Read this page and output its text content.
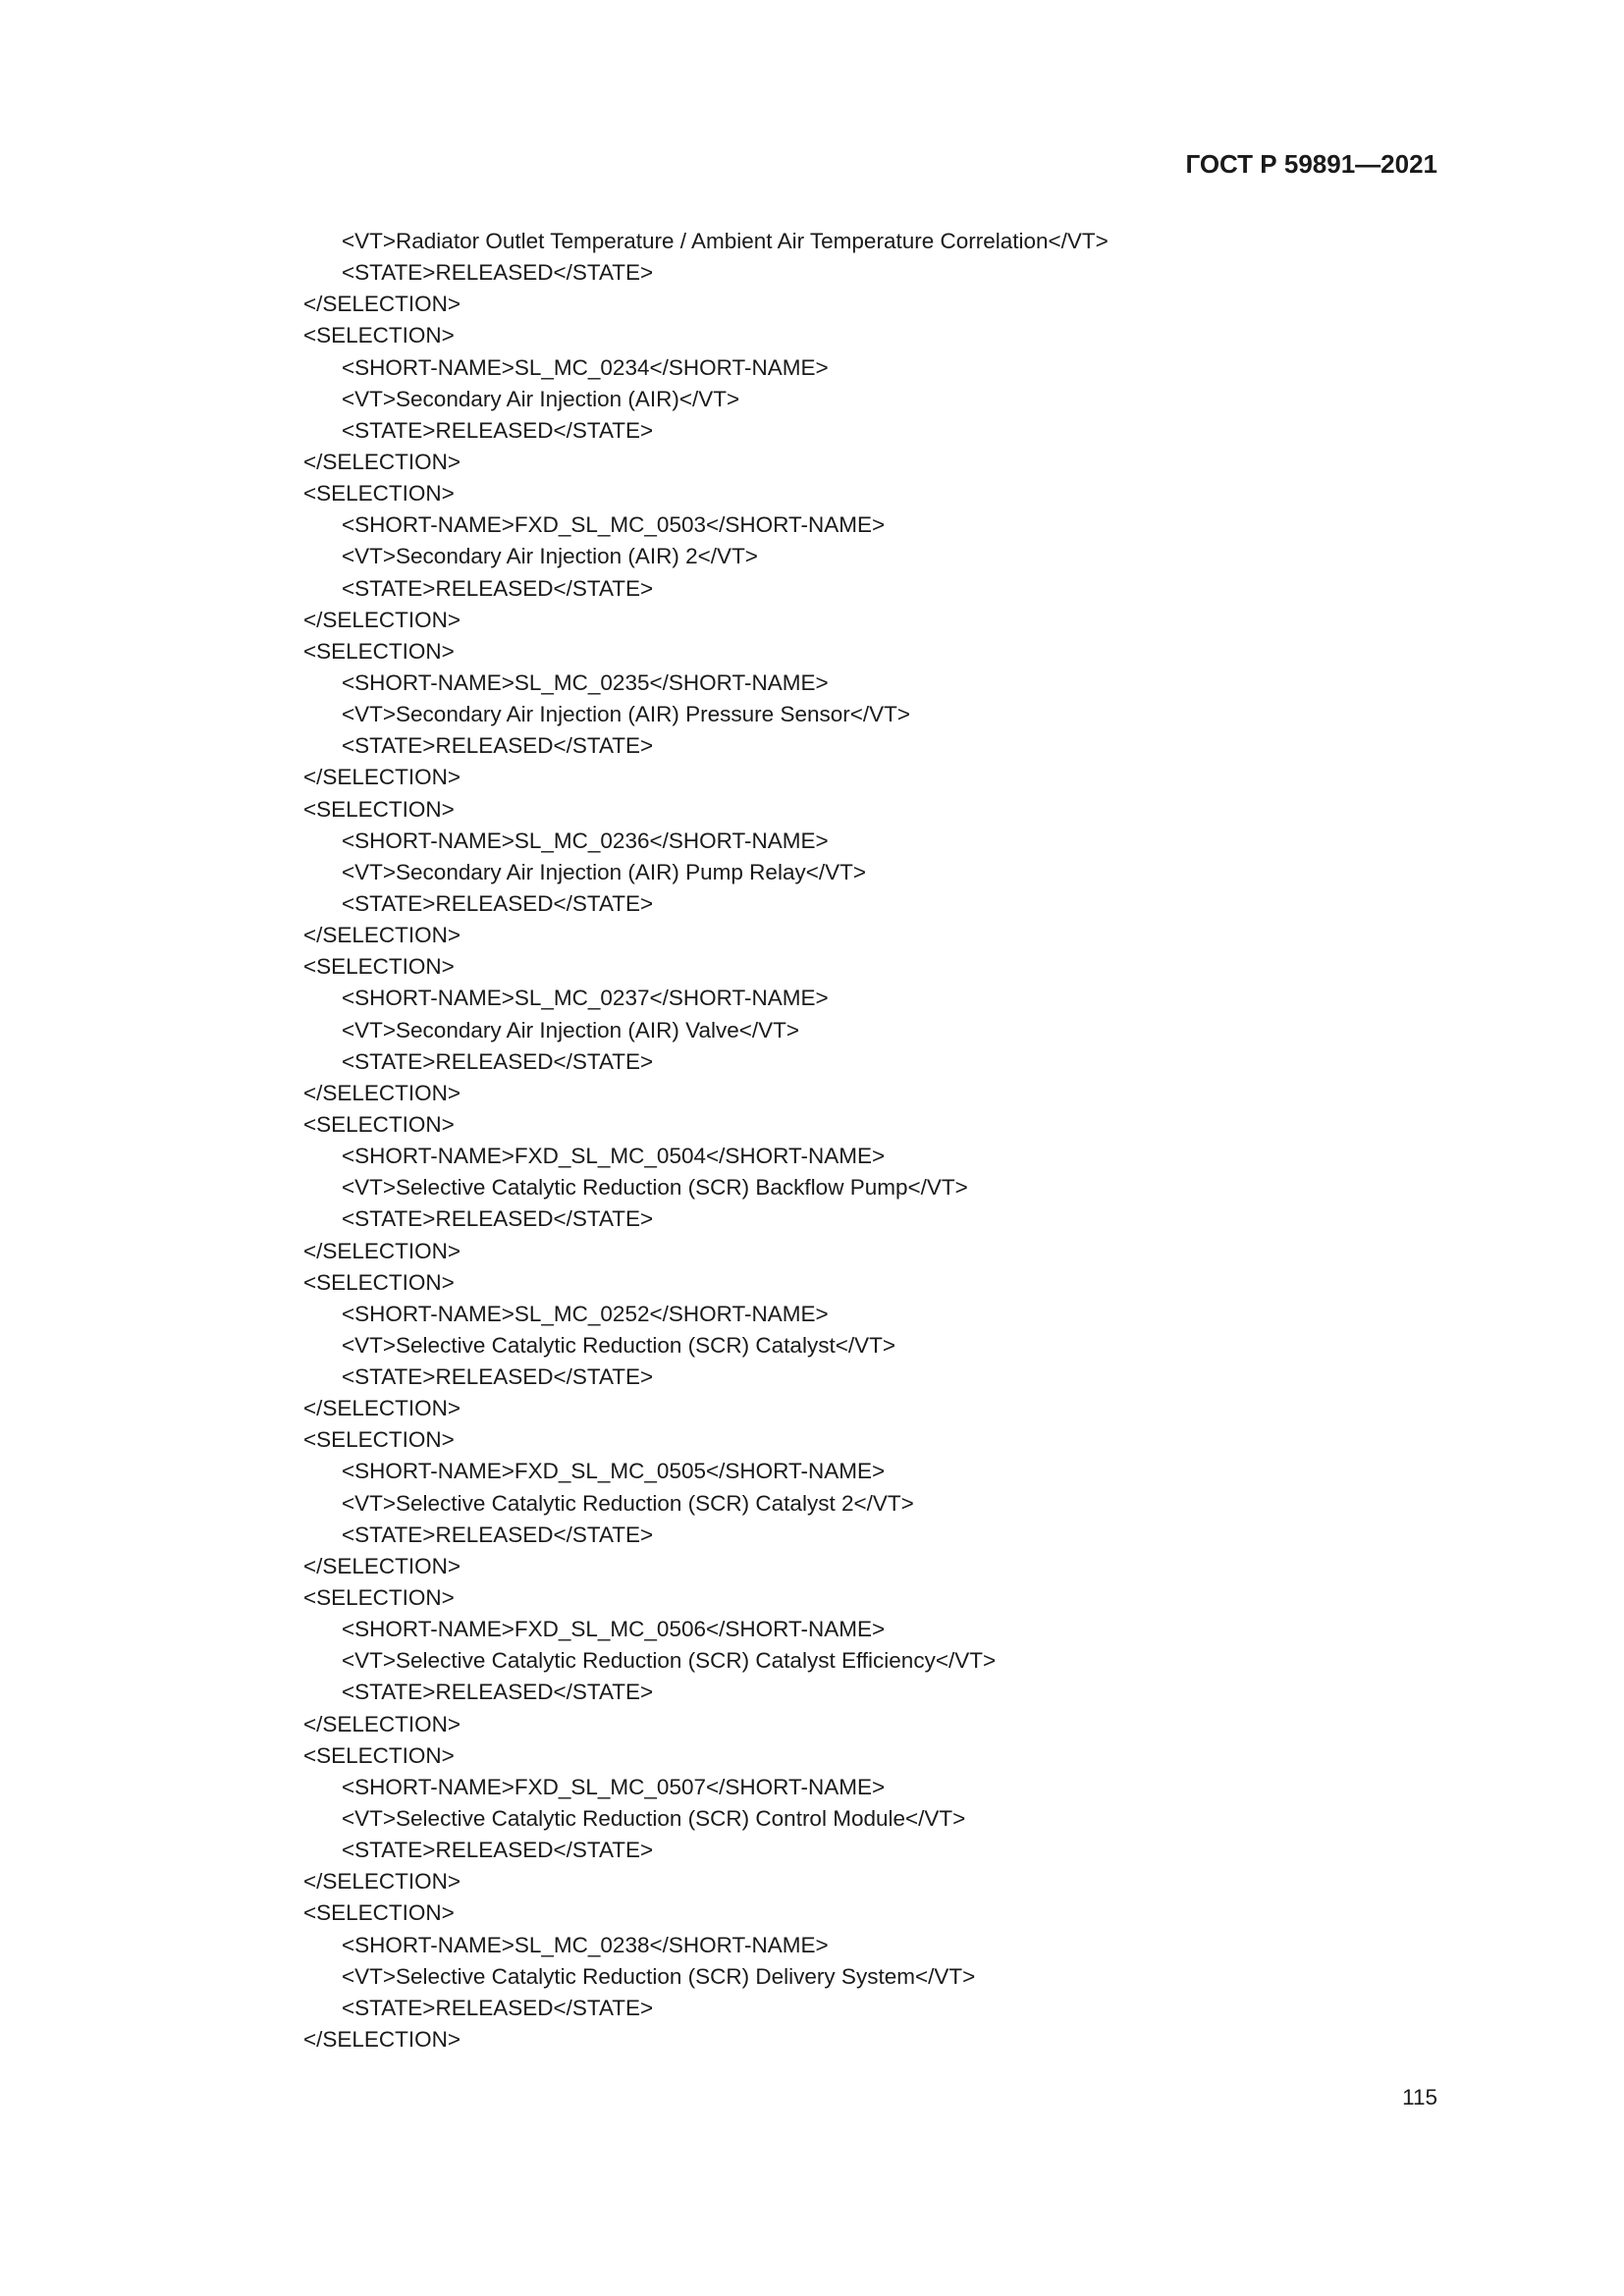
ГОСТ Р 59891—2021
<VT>Radiator Outlet Temperature / Ambient Air Temperature Correlation</VT>
<STATE>RELEASED</STATE>
</SELECTION>
<SELECTION>
<SHORT-NAME>SL_MC_0234</SHORT-NAME>
<VT>Secondary Air Injection (AIR)</VT>
<STATE>RELEASED</STATE>
</SELECTION>
<SELECTION>
<SHORT-NAME>FXD_SL_MC_0503</SHORT-NAME>
<VT>Secondary Air Injection (AIR) 2</VT>
<STATE>RELEASED</STATE>
</SELECTION>
<SELECTION>
<SHORT-NAME>SL_MC_0235</SHORT-NAME>
<VT>Secondary Air Injection (AIR) Pressure Sensor</VT>
<STATE>RELEASED</STATE>
</SELECTION>
<SELECTION>
<SHORT-NAME>SL_MC_0236</SHORT-NAME>
<VT>Secondary Air Injection (AIR) Pump Relay</VT>
<STATE>RELEASED</STATE>
</SELECTION>
<SELECTION>
<SHORT-NAME>SL_MC_0237</SHORT-NAME>
<VT>Secondary Air Injection (AIR) Valve</VT>
<STATE>RELEASED</STATE>
</SELECTION>
<SELECTION>
<SHORT-NAME>FXD_SL_MC_0504</SHORT-NAME>
<VT>Selective Catalytic Reduction (SCR) Backflow Pump</VT>
<STATE>RELEASED</STATE>
</SELECTION>
<SELECTION>
<SHORT-NAME>SL_MC_0252</SHORT-NAME>
<VT>Selective Catalytic Reduction (SCR) Catalyst</VT>
<STATE>RELEASED</STATE>
</SELECTION>
<SELECTION>
<SHORT-NAME>FXD_SL_MC_0505</SHORT-NAME>
<VT>Selective Catalytic Reduction (SCR) Catalyst 2</VT>
<STATE>RELEASED</STATE>
</SELECTION>
<SELECTION>
<SHORT-NAME>FXD_SL_MC_0506</SHORT-NAME>
<VT>Selective Catalytic Reduction (SCR) Catalyst Efficiency</VT>
<STATE>RELEASED</STATE>
</SELECTION>
<SELECTION>
<SHORT-NAME>FXD_SL_MC_0507</SHORT-NAME>
<VT>Selective Catalytic Reduction (SCR) Control Module</VT>
<STATE>RELEASED</STATE>
</SELECTION>
<SELECTION>
<SHORT-NAME>SL_MC_0238</SHORT-NAME>
<VT>Selective Catalytic Reduction (SCR) Delivery System</VT>
<STATE>RELEASED</STATE>
</SELECTION>
115
